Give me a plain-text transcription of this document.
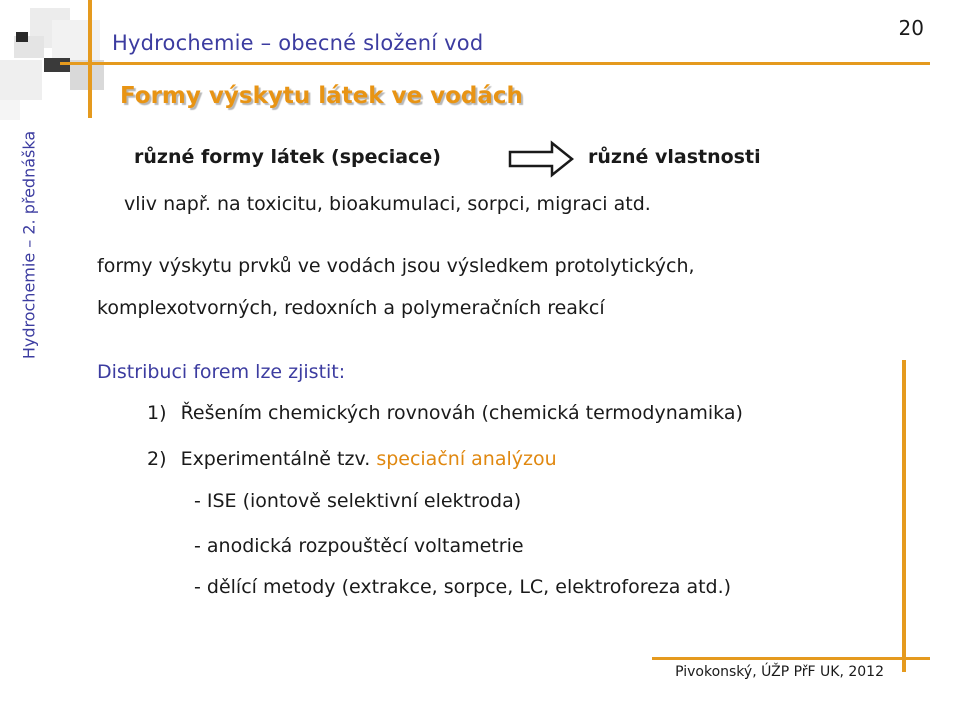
20
Hydrochemie – obecné složení vod
Formy výskytu látek ve vodách
Hydrochemie – 2. přednáška	různé formy látek (speciace)	různé vlastnosti
vliv např. na toxicitu, bioakumulaci, sorpci, migraci atd.
formy výskytu prvků ve vodách jsou výsledkem protolytických,
komplexotvorných, redoxních a polymeračních reakcí
Distribuci forem lze zjistit:
1) Řešením chemických rovnováh (chemická termodynamika)
2) Experimentálně tzv. speciační analýzou
- ISE (iontově selektivní elektroda)
- anodická rozpouštěcí voltametrie
- dělící metody (extrakce, sorpce, LC, elektroforeza atd.)
Pivokonský, ÚŽP PřF UK, 2012
